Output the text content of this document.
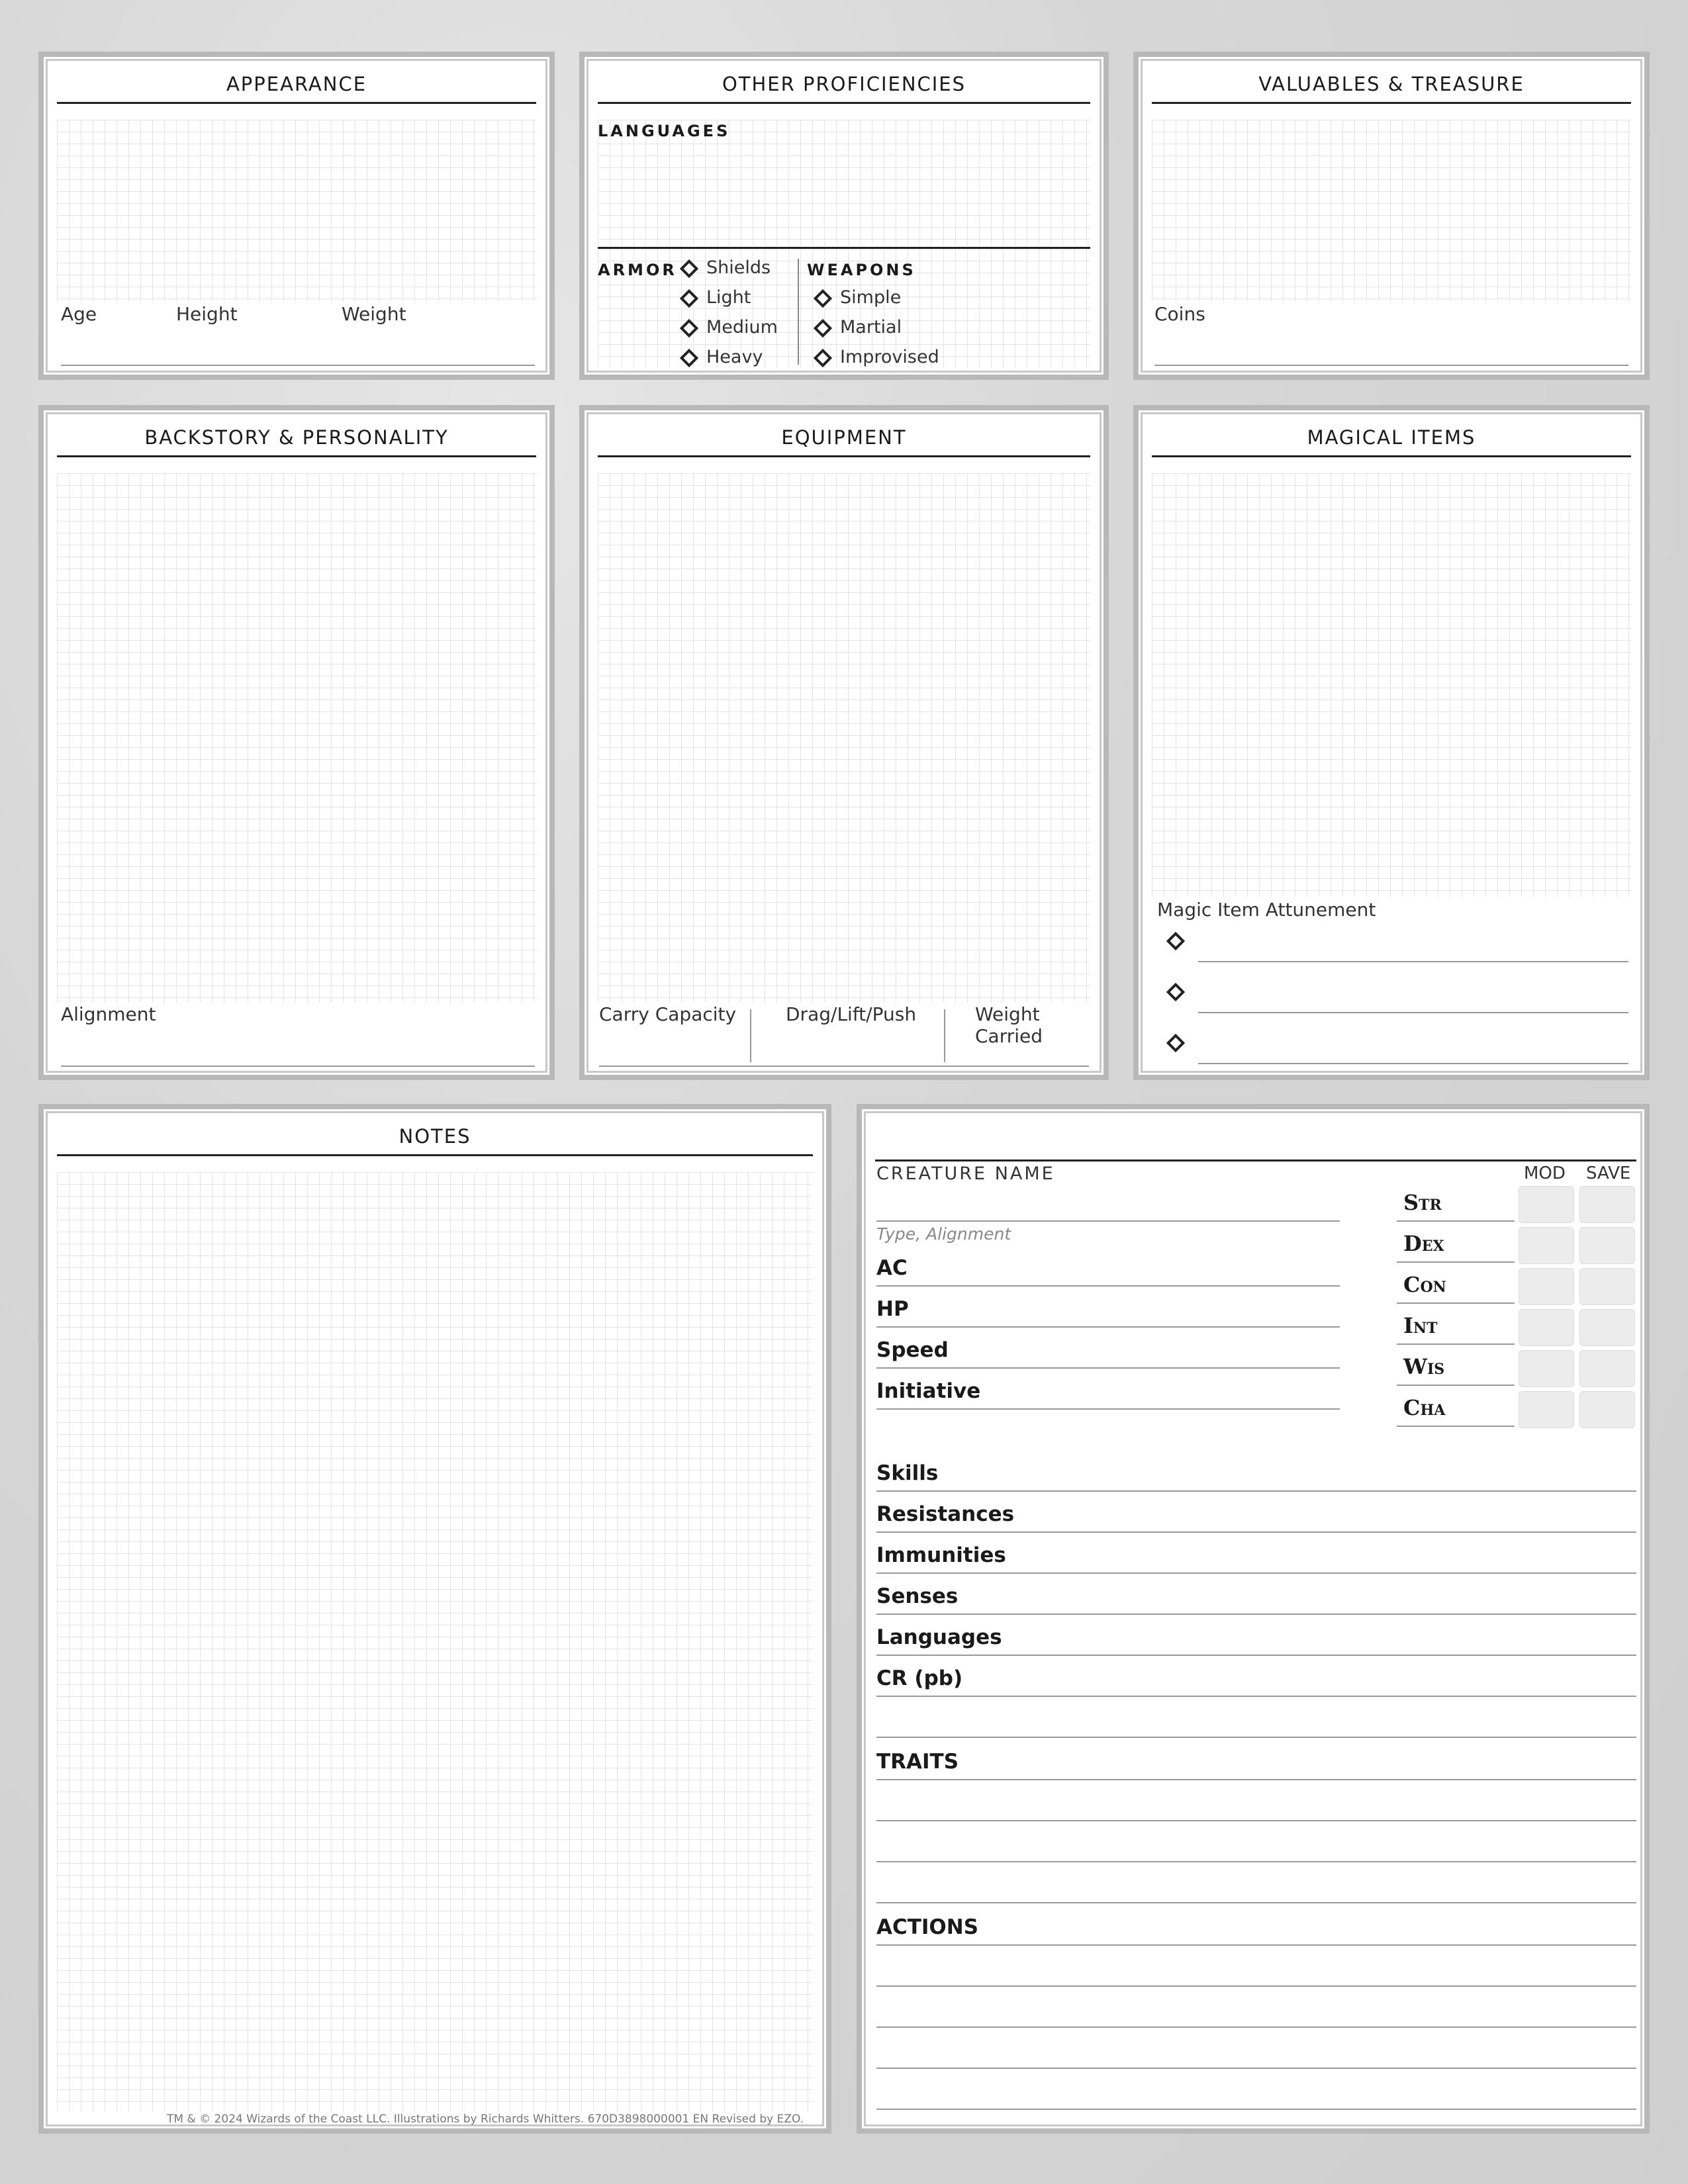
APPEARANCE
Age	Height	Weight
OTHER PROFICIENCIES
LANGUAGES
ARMOR Shields
Light
Medium
Heavy
WEAPONS
Simple
Martial
Improvised
VALUABLES & TREASURE
Coins
BACKSTORY & PERSONALITY
Alignment
EQUIPMENT
Carry Capacity	Drag/Lift/Push	Weight Carried
MAGICAL ITEMS
Magic Item Attunement
NOTES
TM & © 2024 Wizards of the Coast LLC. Illustrations by Richards Whitters. 670D3898000001 EN Revised by EZO.
CREATURE NAME
Type, Alignment
AC
HP
Speed
Initiative
MOD SAVE
Str
Dex
Con
Int
Wis
Cha
Skills
Resistances
Immunities
Senses
Languages
CR (pb)
TRAITS
ACTIONS
